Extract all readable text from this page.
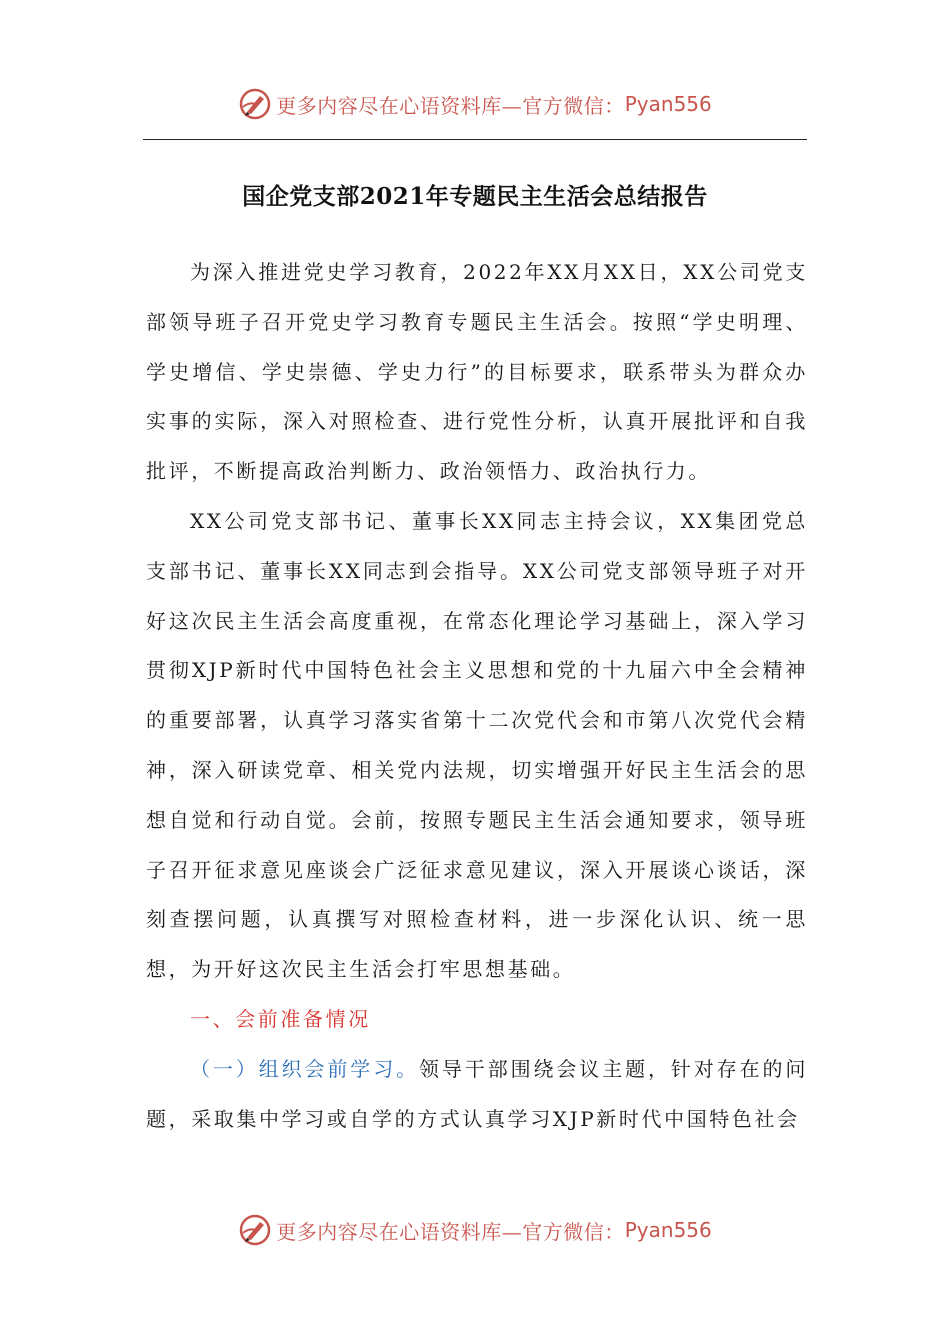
更多内容尽在心语资料库—官方微信： Pyan556
国企党支部2021年专题民主生活会总结报告

为深入推进党史学习教育，2022年XX月XX日，XX公司党支部领导班子召开党史学习教育专题民主生活会。按照“学史明理、学史增信、学史崇德、学史力行”的目标要求，联系带头为群众办实事的实际，深入对照检查、进行党性分析，认真开展批评和自我批评，不断提高政治判断力、政治领悟力、政治执行力。

XX公司党支部书记、董事长XX同志主持会议，XX集团党总支部书记、董事长XX同志到会指导。XX公司党支部领导班子对开好这次民主生活会高度重视，在常态化理论学习基础上，深入学习贯彻XJP新时代中国特色社会主义思想和党的十九届六中全会精神的重要部署，认真学习落实省第十二次党代会和市第八次党代会精神，深入研读党章、相关党内法规，切实增强开好民主生活会的思想自觉和行动自觉。会前，按照专题民主生活会通知要求，领导班子召开征求意见座谈会广泛征求意见建议，深入开展谈心谈话，深刻查摆问题，认真撰写对照检查材料，进一步深化认识、统一思想，为开好这次民主生活会打牢思想基础。

一、会前准备情况

（一）组织会前学习。领导干部围绕会议主题，针对存在的问题，采取集中学习或自学的方式认真学习XJP新时代中国特色社会

更多内容尽在心语资料库—官方微信： Pyan556
